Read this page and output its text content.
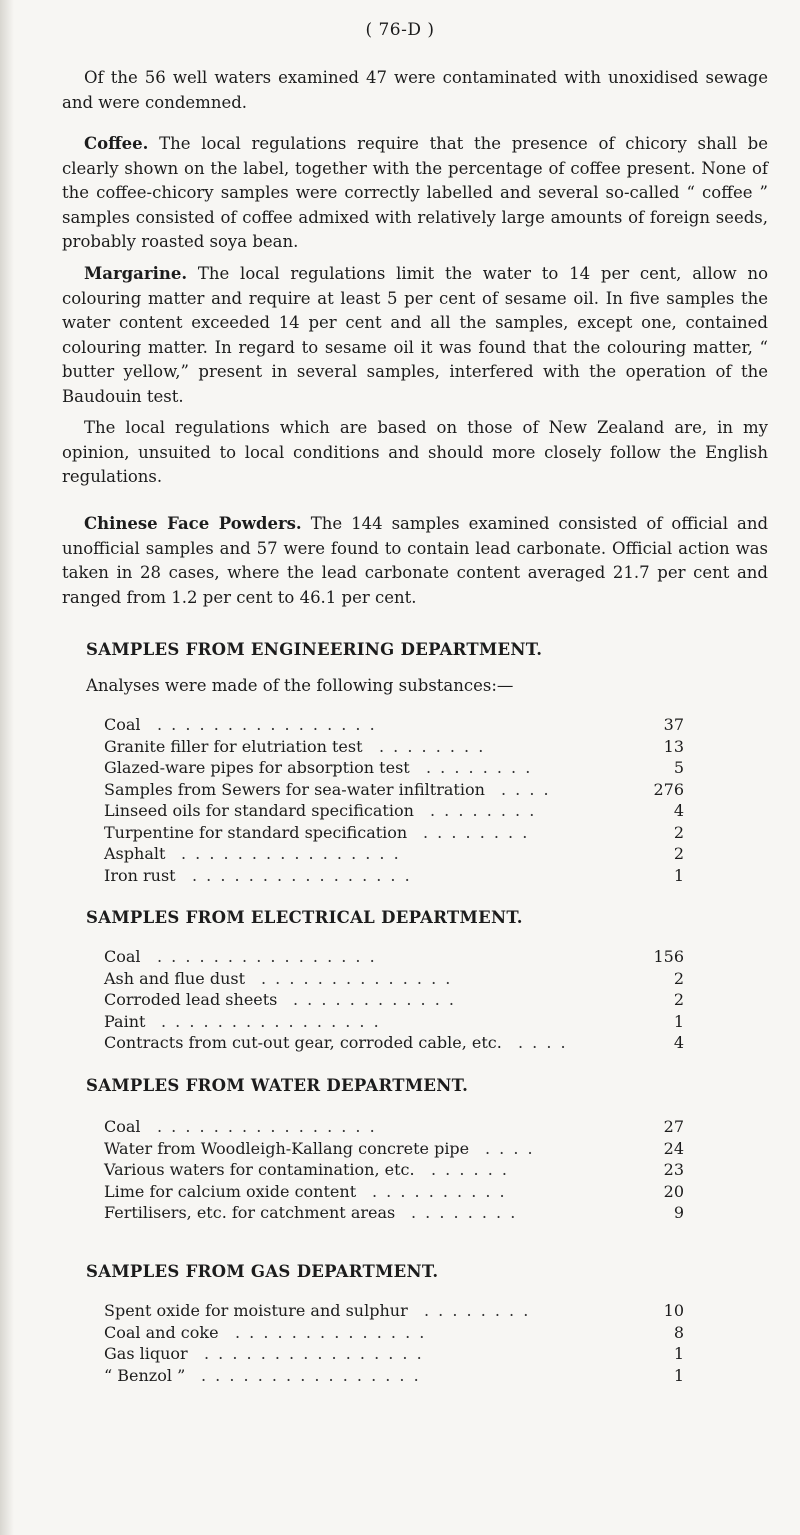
( 76-D )

Of the 56 well waters examined 47 were contaminated with unoxidised sewage and were condemned.

Coffee. The local regulations require that the presence of chicory shall be clearly shown on the label, together with the percentage of coffee present. None of the coffee-chicory samples were correctly labelled and several so-called “ coffee ” samples consisted of coffee admixed with relatively large amounts of foreign seeds, probably roasted soya bean.

Margarine. The local regulations limit the water to 14 per cent, allow no colouring matter and require at least 5 per cent of sesame oil. In five samples the water content exceeded 14 per cent and all the samples, except one, contained colouring matter. In regard to sesame oil it was found that the colouring matter, “ butter yellow,” present in several samples, interfered with the operation of the Baudouin test.

The local regulations which are based on those of New Zealand are, in my opinion, unsuited to local conditions and should more closely follow the English regulations.

Chinese Face Powders. The 144 samples examined consisted of official and unofficial samples and 57 were found to contain lead carbonate. Official action was taken in 28 cases, where the lead carbonate content averaged 21.7 per cent and ranged from 1.2 per cent to 46.1 per cent.

SAMPLES FROM ENGINEERING DEPARTMENT.

Analyses were made of the following substances:—

Coal	37
. . . . . . . . . . . . . . . .
Granite filler for elutriation test	13
. . . . . . . .
Glazed-ware pipes for absorption test	5
. . . . . . . .
Samples from Sewers for sea-water infiltration	276
. . . .
Linseed oils for standard specification	4
. . . . . . . .
Turpentine for standard specification	2
. . . . . . . .
Asphalt	2
. . . . . . . . . . . . . . . .
Iron rust	1
. . . . . . . . . . . . . . . .

SAMPLES FROM ELECTRICAL DEPARTMENT.

Coal	156
. . . . . . . . . . . . . . . .
Ash and flue dust	2
. . . . . . . . . . . . . .
Corroded lead sheets	2
. . . . . . . . . . . .
Paint	1
. . . . . . . . . . . . . . . .
Contracts from cut-out gear, corroded cable, etc.	4
. . . .

SAMPLES FROM WATER DEPARTMENT.

Coal	27
. . . . . . . . . . . . . . . .
Water from Woodleigh-Kallang concrete pipe	24
. . . .
Various waters for contamination, etc.	23
. . . . . .
Lime for calcium oxide content	20
. . . . . . . . . .
Fertilisers, etc. for catchment areas	9
. . . . . . . .

SAMPLES FROM GAS DEPARTMENT.

Spent oxide for moisture and sulphur	10
. . . . . . . .
Coal and coke	8
. . . . . . . . . . . . . .
Gas liquor	1
. . . . . . . . . . . . . . . .
“ Benzol ”	1
. . . . . . . . . . . . . . . .
